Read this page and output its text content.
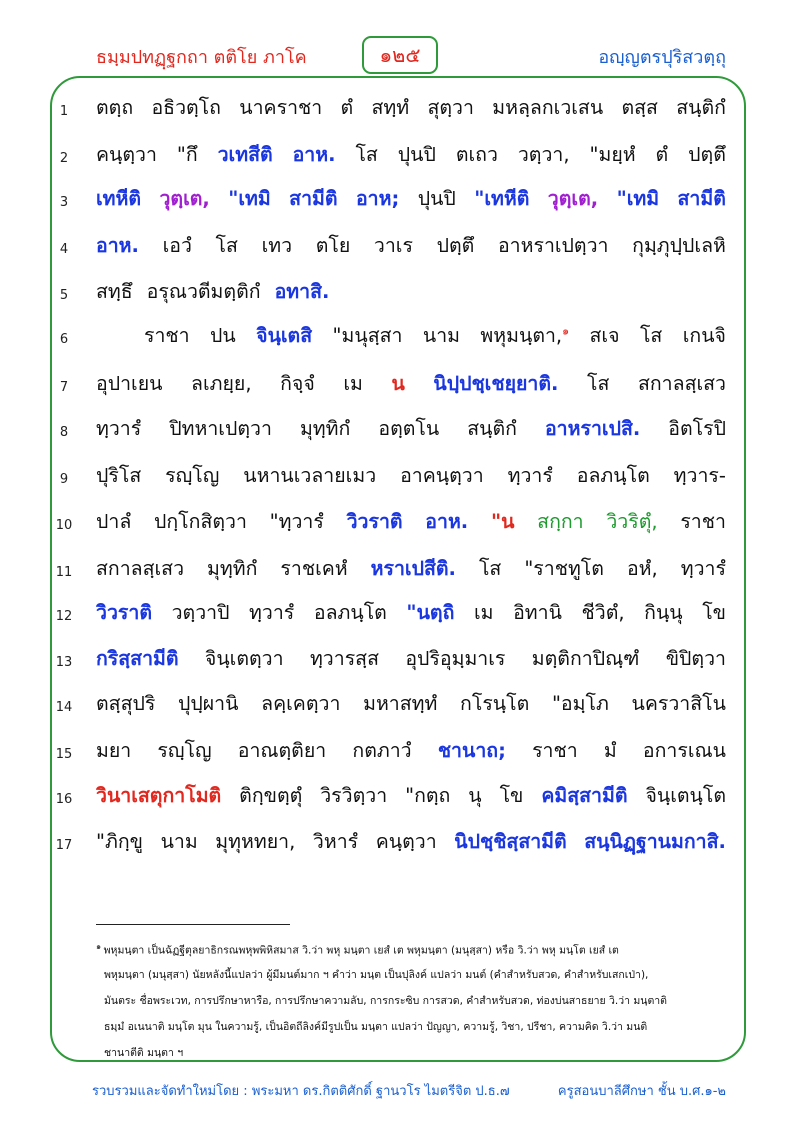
ธมฺมปทฏฺฐกถา ตติโย ภาโค	๑๒๕	อญฺญตรปุริสวตฺถุ
1	ตตฺถ อธิวตฺโถ นาคราชา ตํ สทฺทํ สุตฺวา มหลฺลกเวเสน ตสฺส สนฺติกํ
2	คนฺตฺวา "กึ วเทสีติ อาห. โส ปุนปิ ตเถว วตฺวา, "มยฺหํ ตํ ปตฺตึ
3	เทหีติ วุตฺเต, "เทมิ สามีติ อาห; ปุนปิ "เทหีติ วุตฺเต, "เทมิ สามีติ
4	อาห. เอวํ โส เทว ตโย วาเร ปตฺตึ อาหราเปตฺวา กุมฺภุปฺปเลหิ
5	สทฺธึ อรุณวตีมตฺติกํ อทาสิ.
6	ราชา ปน จินฺเตสิ "มนุสฺสา นาม พหุมนฺตา,$^๑$ สเจ โส เกนจิ
7	อุปาเยน ลเภยฺย, กิจฺจํ เม น นิปฺปชฺเชยฺยาติ. โส สกาลสฺเสว
8	ทฺวารํ ปิทหาเปตฺวา มุทฺทิกํ อตฺตโน สนฺติกํ อาหราเปสิ. อิตโรปิ
9	ปุริโส รญฺโญ นหานเวลายเมว อาคนฺตฺวา ทฺวารํ อลภนฺโต ทฺวาร-
10 ปาลํ ปกฺโกสิตฺวา "ทฺวารํ วิวราติ อาห. "น สกฺกา วิวริตุํ, ราชา
11 สกาลสฺเสว มุทฺทิกํ ราชเคหํ หราเปสีติ. โส "ราชทูโต อหํ, ทฺวารํ
12 วิวราติ วตฺวาปิ ทฺวารํ อลภนฺโต "นตฺถิ เม อิทานิ ชีวิตํ, กินฺนุ โข
13 กริสฺสามีติ จินฺเตตฺวา ทฺวารสฺส อุปริอุมฺมาเร มตฺติกาปิณฺฑํ ขิปิตฺวา
14 ตสฺสุปริ ปุปฺผานิ ลคฺเคตฺวา มหาสทฺทํ กโรนฺโต "อมฺโภ นครวาสิโน
15 มยา รญฺโญ อาณตฺติยา กตภาวํ ชานาถ; ราชา มํ อการเณน
16 วินาเสตุกาโมติ ติกฺขตฺตุํ วิรวิตฺวา "กตฺถ นุ โข คมิสฺสามีติ จินฺเตนฺโต
17 "ภิกฺขู นาม มุทุหทยา, วิหารํ คนฺตฺวา นิปชฺชิสฺสามีติ สนฺนิฏฺฐานมกาสิ.
$^๑$ พหุมนฺตา เป็นฉัฏฐีตุลยาธิกรณพหุพพิหิสมาส วิ.ว่า พหุ มนฺตา เยสํ เต พหุมนฺตา (มนุสฺสา) หรือ วิ.ว่า พหุ มนฺโต เยสํ เต
พหุมนฺตา (มนุสฺสา) นัยหลังนี้แปลว่า ผู้มีมนต์มาก ฯ คำว่า มนฺต เป็นปุลิงค์ แปลว่า มนต์ (คำสำหรับสวด, คำสำหรับเสกเป่า),
มันตระ ชื่อพระเวท, การปรึกษาหารือ, การปรึกษาความลับ, การกระซิบ การสวด, คำสำหรับสวด, ท่องบ่นสาธยาย วิ.ว่า มนฺตาติ
ธมฺมํ อเนนาติ มนฺโต มุน ในความรู้, เป็นอิตถีลิงค์มีรูปเป็น มนฺตา แปลว่า ปัญญา, ความรู้, วิชา, ปรีชา, ความคิด วิ.ว่า มนติ
ชานาตีติ มนฺตา ฯ
รวบรวมและจัดทำใหม่โดย : พระมหา ดร.กิตติศักดิ์ ฐานวโร ไมตรีจิต ป.ธ.๗	ครูสอนบาลีศึกษา ชั้น บ.ศ.๑-๒
